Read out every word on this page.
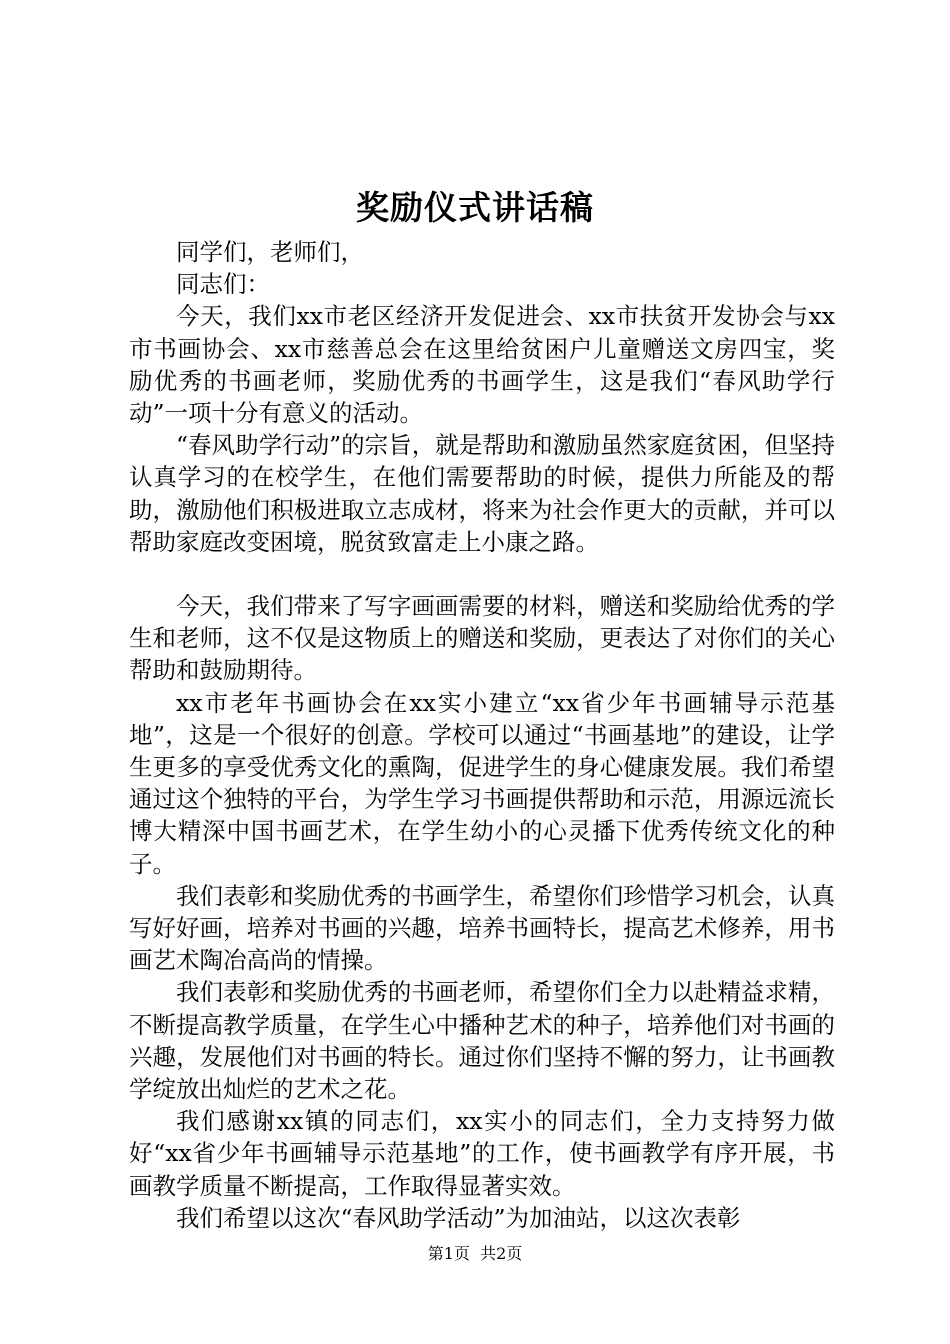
奖励仪式讲话稿

同学们，老师们，

同志们：

今天，我们xx市老区经济开发促进会、xx市扶贫开发协会与xx市书画协会、xx市慈善总会在这里给贫困户儿童赠送文房四宝，奖励优秀的书画老师，奖励优秀的书画学生，这是我们“春风助学行动”一项十分有意义的活动。

“春风助学行动”的宗旨，就是帮助和激励虽然家庭贫困，但坚持认真学习的在校学生，在他们需要帮助的时候，提供力所能及的帮助，激励他们积极进取立志成材，将来为社会作更大的贡献，并可以帮助家庭改变困境，脱贫致富走上小康之路。

今天，我们带来了写字画画需要的材料，赠送和奖励给优秀的学生和老师，这不仅是这物质上的赠送和奖励，更表达了对你们的关心帮助和鼓励期待。

xx市老年书画协会在xx实小建立“xx省少年书画辅导示范基地”，这是一个很好的创意。学校可以通过“书画基地”的建设，让学生更多的享受优秀文化的熏陶，促进学生的身心健康发展。我们希望通过这个独特的平台，为学生学习书画提供帮助和示范，用源远流长博大精深中国书画艺术，在学生幼小的心灵播下优秀传统文化的种子。

我们表彰和奖励优秀的书画学生，希望你们珍惜学习机会，认真写好好画，培养对书画的兴趣，培养书画特长，提高艺术修养，用书画艺术陶冶高尚的情操。

我们表彰和奖励优秀的书画老师，希望你们全力以赴精益求精，不断提高教学质量，在学生心中播种艺术的种子，培养他们对书画的兴趣，发展他们对书画的特长。通过你们坚持不懈的努力，让书画教学绽放出灿烂的艺术之花。

我们感谢xx镇的同志们，xx实小的同志们，全力支持努力做好“xx省少年书画辅导示范基地”的工作，使书画教学有序开展，书画教学质量不断提高，工作取得显著实效。

我们希望以这次“春风助学活动”为加油站，以这次表彰

第1页 共2页
